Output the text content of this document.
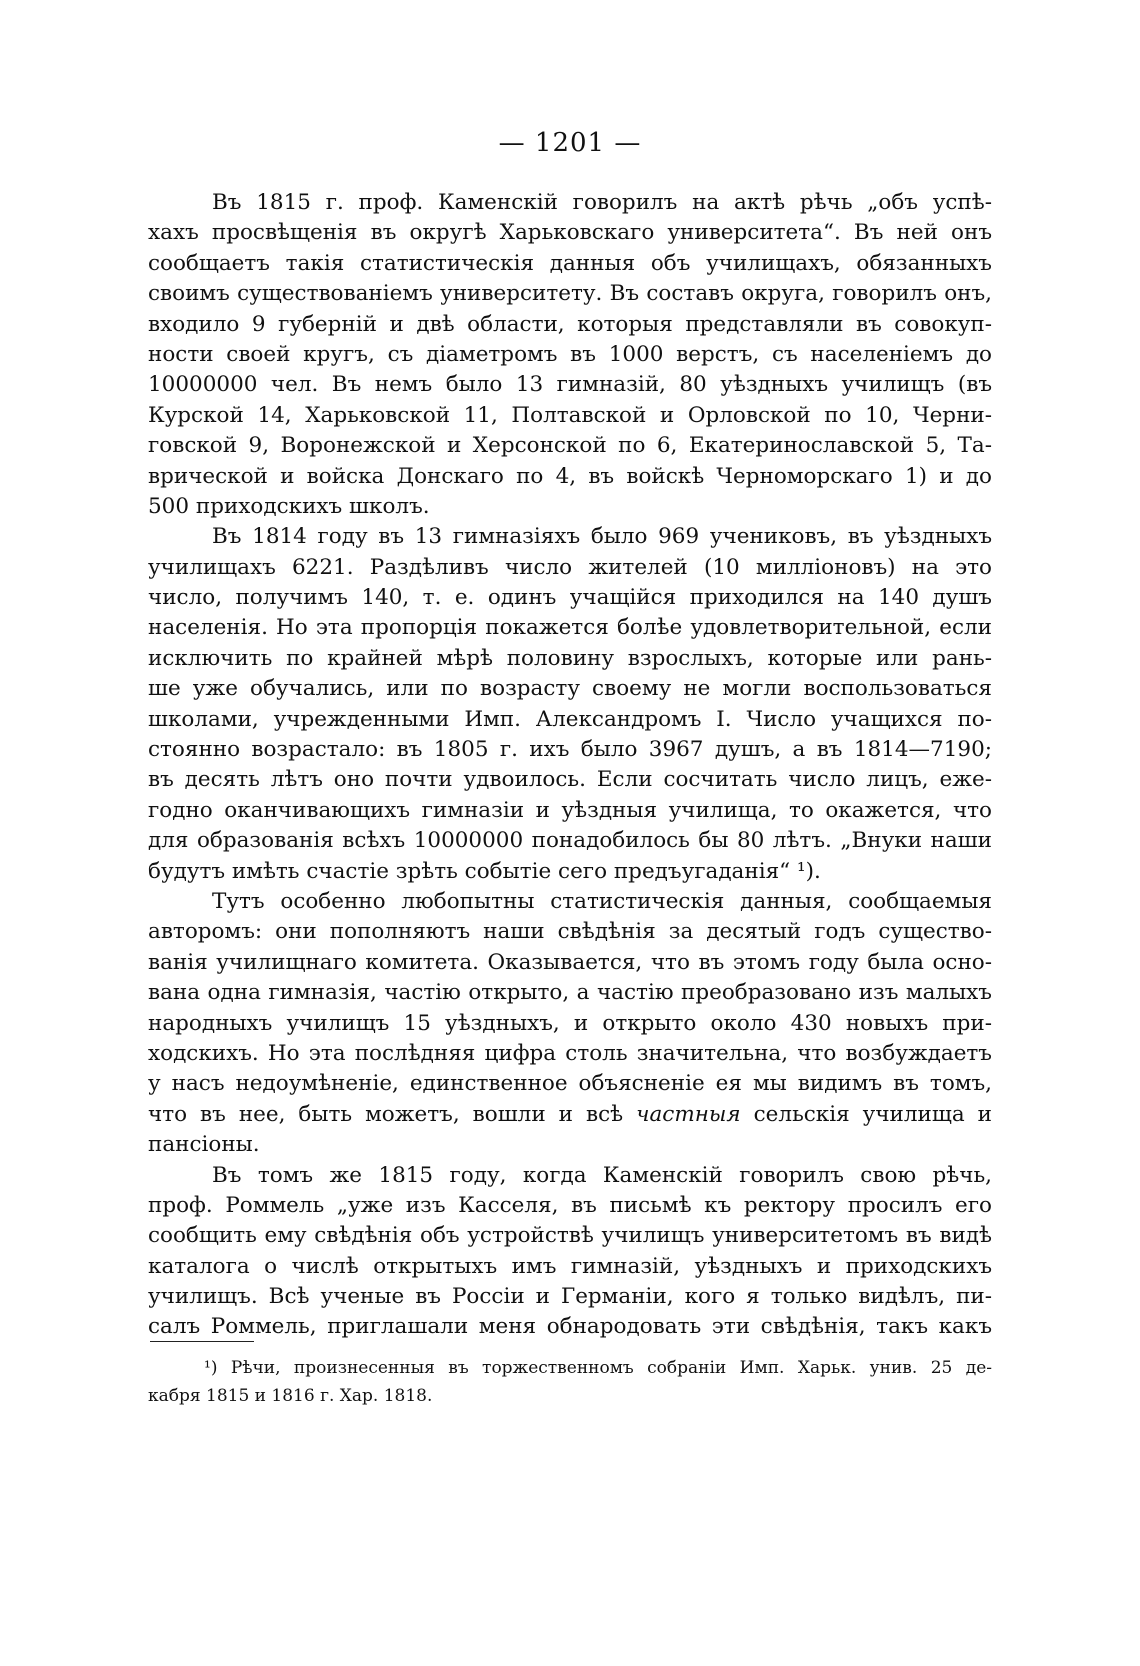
— 1201 —
Въ 1815 г. проф. Каменскій говорилъ на актѣ рѣчь „объ успѣ-
хахъ просвѣщенія въ округѣ Харьковскаго университета“. Въ ней онъ
сообщаетъ такія статистическія данныя объ училищахъ, обязанныхъ
своимъ существованіемъ университету. Въ составъ округа, говорилъ онъ,
входило 9 губерній и двѣ области, которыя представляли въ совокуп-
ности своей кругъ, съ діаметромъ въ 1000 верстъ, съ населеніемъ до
10000000 чел. Въ немъ было 13 гимназій, 80 уѣздныхъ училищъ (въ
Курской 14, Харьковской 11, Полтавской и Орловской по 10, Черни-
говской 9, Воронежской и Херсонской по 6, Екатеринославской 5, Та-
врической и войска Донскаго по 4, въ войскѣ Черноморскаго 1) и до
500 приходскихъ школъ.
Въ 1814 году въ 13 гимназіяхъ было 969 учениковъ, въ уѣздныхъ
училищахъ 6221. Раздѣливъ число жителей (10 милліоновъ) на это
число, получимъ 140, т. е. одинъ учащійся приходился на 140 душъ
населенія. Но эта пропорція покажется болѣе удовлетворительной, если
исключить по крайней мѣрѣ половину взрослыхъ, которые или рань-
ше уже обучались, или по возрасту своему не могли воспользоваться
школами, учрежденными Имп. Александромъ I. Число учащихся по-
стоянно возрастало: въ 1805 г. ихъ было 3967 душъ, а въ 1814—7190;
въ десять лѣтъ оно почти удвоилось. Если сосчитать число лицъ, еже-
годно оканчивающихъ гимназіи и уѣздныя училища, то окажется, что
для образованія всѣхъ 10000000 понадобилось бы 80 лѣтъ. „Внуки наши
будутъ имѣть счастіе зрѣть событіе сего предъугаданія“ ¹).
Тутъ особенно любопытны статистическія данныя, сообщаемыя
авторомъ: они пополняютъ наши свѣдѣнія за десятый годъ существо-
ванія училищнаго комитета. Оказывается, что въ этомъ году была осно-
вана одна гимназія, частію открыто, а частію преобразовано изъ малыхъ
народныхъ училищъ 15 уѣздныхъ, и открыто около 430 новыхъ при-
ходскихъ. Но эта послѣдняя цифра столь значительна, что возбуждаетъ
у насъ недоумѣненіе, единственное объясненіе ея мы видимъ въ томъ,
что въ нее, быть можетъ, вошли и всѣ частныя сельскія училища и
пансіоны.
Въ томъ же 1815 году, когда Каменскій говорилъ свою рѣчь,
проф. Роммель „уже изъ Касселя, въ письмѣ къ ректору просилъ его
сообщить ему свѣдѣнія объ устройствѣ училищъ университетомъ въ видѣ
каталога о числѣ открытыхъ имъ гимназій, уѣздныхъ и приходскихъ
училищъ. Всѣ ученые въ Россіи и Германіи, кого я только видѣлъ, пи-
салъ Роммель, приглашали меня обнародовать эти свѣдѣнія, такъ какъ
¹) Рѣчи, произнесенныя въ торжественномъ собраніи Имп. Харьк. унив. 25 де-
кабря 1815 и 1816 г. Хар. 1818.
